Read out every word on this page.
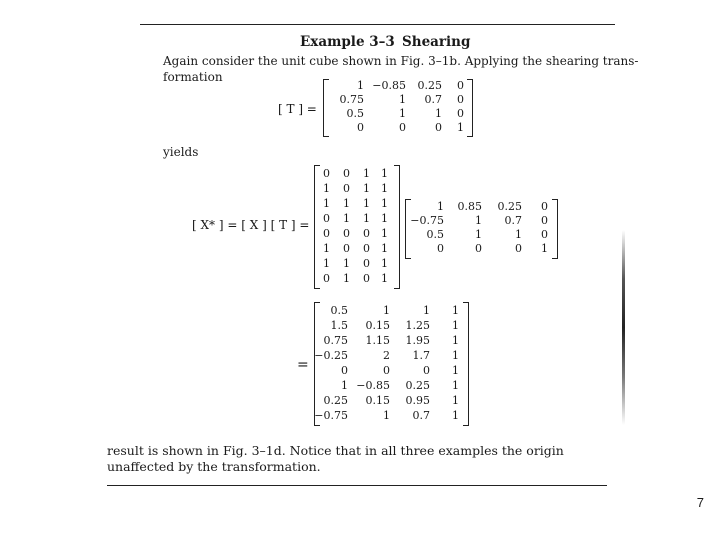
Example 3–3 Shearing
Again consider the unit cube shown in Fig. 3–1b. Applying the shearing trans-
formation
[ T ] =
1 −0.85 0.25 0
0.75	1 0.7 0
0.5	1	1 0
0	0	0 1
yields
[ X* ] = [ X ] [ T ] =
0 0 1 1
1 0 1 1
1 1 1 1
0 1 1 1
0 0 0 1
1 0 0 1
1 1 0 1
0 1 0 1
1 0.85 0.25 0
−0.75	1 0.7 0
0.5	1	1 0
0	0	0 1
=
0.5	1	1 1
1.5 0.15 1.25 1
0.75 1.15 1.95 1
−0.25	2 1.7 1
0	0	0 1
1 −0.85 0.25 1
0.25 0.15 0.95 1
−0.75	1 0.7 1
result is shown in Fig. 3–1d. Notice that in all three examples the origin
unaffected by the transformation.
7
